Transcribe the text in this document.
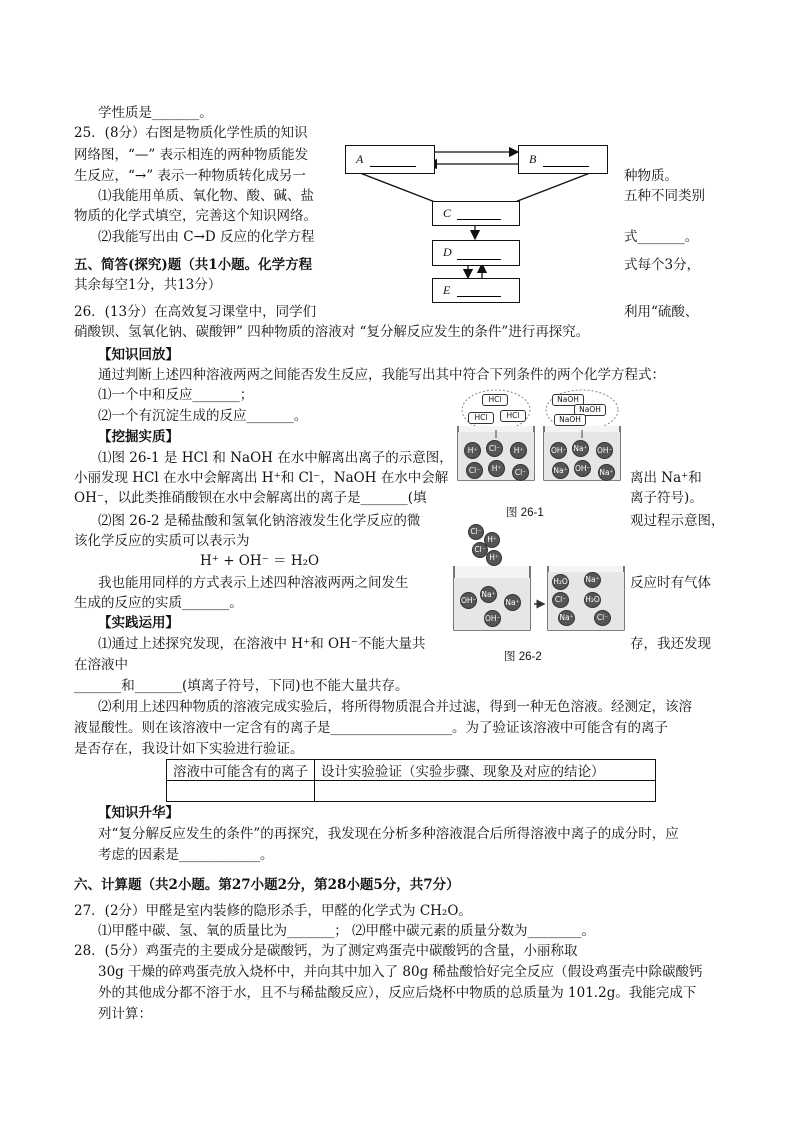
学性质是_______。
25．(8分）右图是物质化学性质的知识
网络图，“—” 表示相连的两种物质能发
生反应，“→” 表示一种物质转化成另一	种物质。
⑴我能用单质、氧化物、酸、碱、盐	五种不同类别
物质的化学式填空，完善这个知识网络。
⑵我能写出由 C→D 反应的化学方程	式_______。
A	B
C
D
E
五、简答(探究)题（共1小题。化学方程	式每个3分，
其余每空1分，共13分）
26．(13分）在高效复习课堂中，同学们	利用“硫酸、
硝酸钡、氢氧化钠、碳酸钾” 四种物质的溶液对 “复分解反应发生的条件”进行再探究。
【知识回放】
通过判断上述四种溶液两两之间能否发生反应，我能写出其中符合下列条件的两个化学方程式：
⑴一个中和反应_______；
⑵一个有沉淀生成的反应_______。
【挖掘实质】
⑴图 26-1 是 HCl 和 NaOH 在水中解离出离子的示意图，
小丽发现 HCl 在水中会解离出 H⁺和 Cl⁻，NaOH 在水中会解	离出 Na⁺和
OH⁻，以此类推硝酸钡在水中会解离出的离子是_______(填	离子符号)。
⑵图 26-2 是稀盐酸和氢氧化钠溶液发生化学反应的微	观过程示意图，
该化学反应的实质可以表示为
H⁺ + OH⁻ ＝ H₂O
我也能用同样的方式表示上述四种溶液两两之间发生	反应时有气体
生成的反应的实质_______。
【实践运用】
⑴通过上述探究发现，在溶液中 H⁺和 OH⁻不能大量共	存，我还发现
在溶液中
_______和_______(填离子符号，下同)也不能大量共存。
⑵利用上述四种物质的溶液完成实验后，将所得物质混合并过滤，得到一种无色溶液。经测定，该溶
液显酸性。则在该溶液中一定含有的离子是__________________。为了验证该溶液中可能含有的离子
是否存在，我设计如下实验进行验证。
溶液中可能含有的离子	设计实验验证（实验步骤、现象及对应的结论）

【知识升华】
对“复分解反应发生的条件”的再探究，我发现在分析多种溶液混合后所得溶液中离子的成分时，应
考虑的因素是____________。
HCl
HCl	HCl
NaOH
NaOH
NaOH
H⁺	Cl⁻	H⁺
Cl⁻	H⁺	Cl⁻
OH⁻ Na⁺ OH⁻
Na⁺ OH⁻ Na⁺
图 26-1
Cl⁻
H⁺
Cl⁻
H⁺
OH⁻
Na⁺
Na⁺
OH⁻
H₂O Na⁺
Cl⁻	H₂O
Na⁺	Cl⁻
图 26-2
六、计算题（共2小题。第27小题2分，第28小题5分，共7分）
27．(2分）甲醛是室内装修的隐形杀手，甲醛的化学式为 CH₂O。
⑴甲醛中碳、氢、氧的质量比为_______； ⑵甲醛中碳元素的质量分数为________。
28．(5分）鸡蛋壳的主要成分是碳酸钙，为了测定鸡蛋壳中碳酸钙的含量，小丽称取
30g 干燥的碎鸡蛋壳放入烧杯中，并向其中加入了 80g 稀盐酸恰好完全反应（假设鸡蛋壳中除碳酸钙
外的其他成分都不溶于水，且不与稀盐酸反应），反应后烧杯中物质的总质量为 101.2g。我能完成下
列计算：
